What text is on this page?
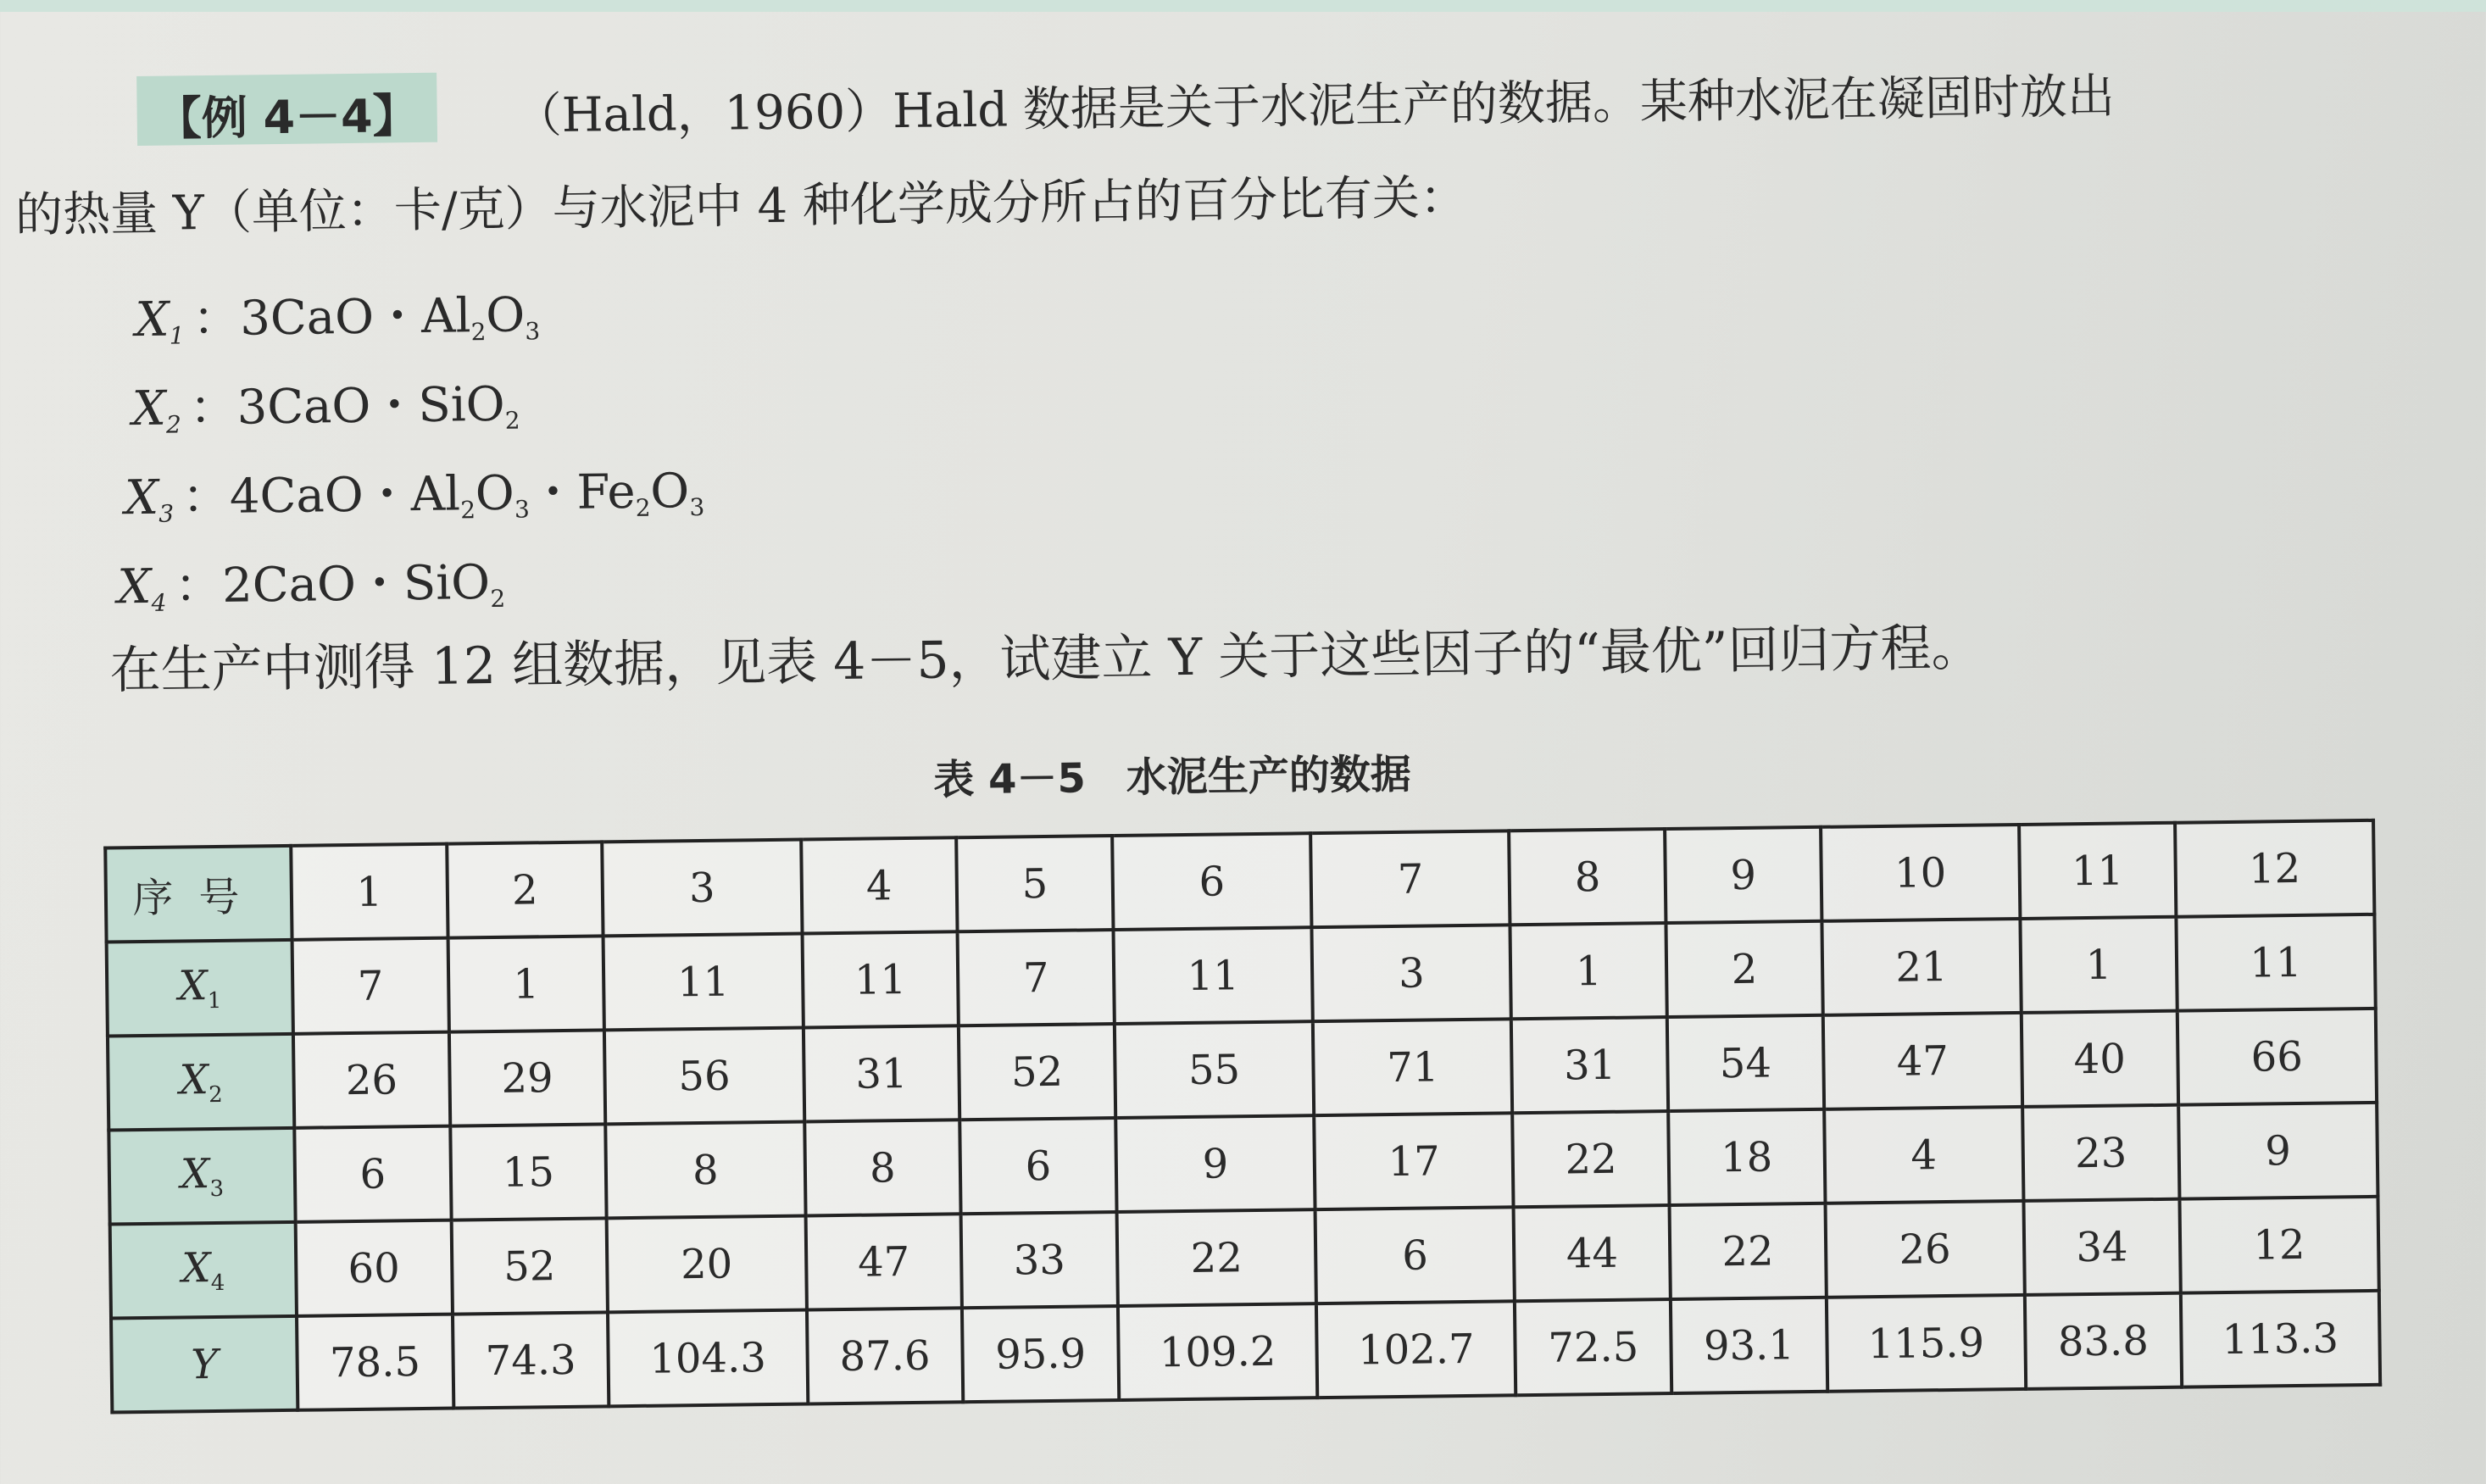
【例 4－4】	（Hald，1960）Hald 数据是关于水泥生产的数据。某种水泥在凝固时放出
的热量 Y（单位：卡/克）与水泥中 4 种化学成分所占的百分比有关：
$X_1$ ：3CaO・$Al_2O_3$
$X_2$ ：3CaO・SiO$_2$
$X_3$ ：4CaO・$Al_2O_3$・$Fe_2O_3$
$X_4$ ：2CaO・SiO$_2$
在生产中测得 12 组数据，见表 4－5，试建立 Y 关于这些因子的“最优”回归方程。
表 4－5　水泥生产的数据
序号	1	2	3	4	5	6	7	8	9	10	11	12
$X_1$	7	1	11	11	7	11	3	1	2	21	1	11
$X_2$	26	29	56	31	52	55	71	31	54	47	40	66
$X_3$	6	15	8	8	6	9	17	22	18	4	23	9
$X_4$	60	52	20	47	33	22	6	44	22	26	34	12
Y	78.5	74.3	104.3	87.6	95.9	109.2	102.7	72.5	93.1	115.9	83.8	113.3
